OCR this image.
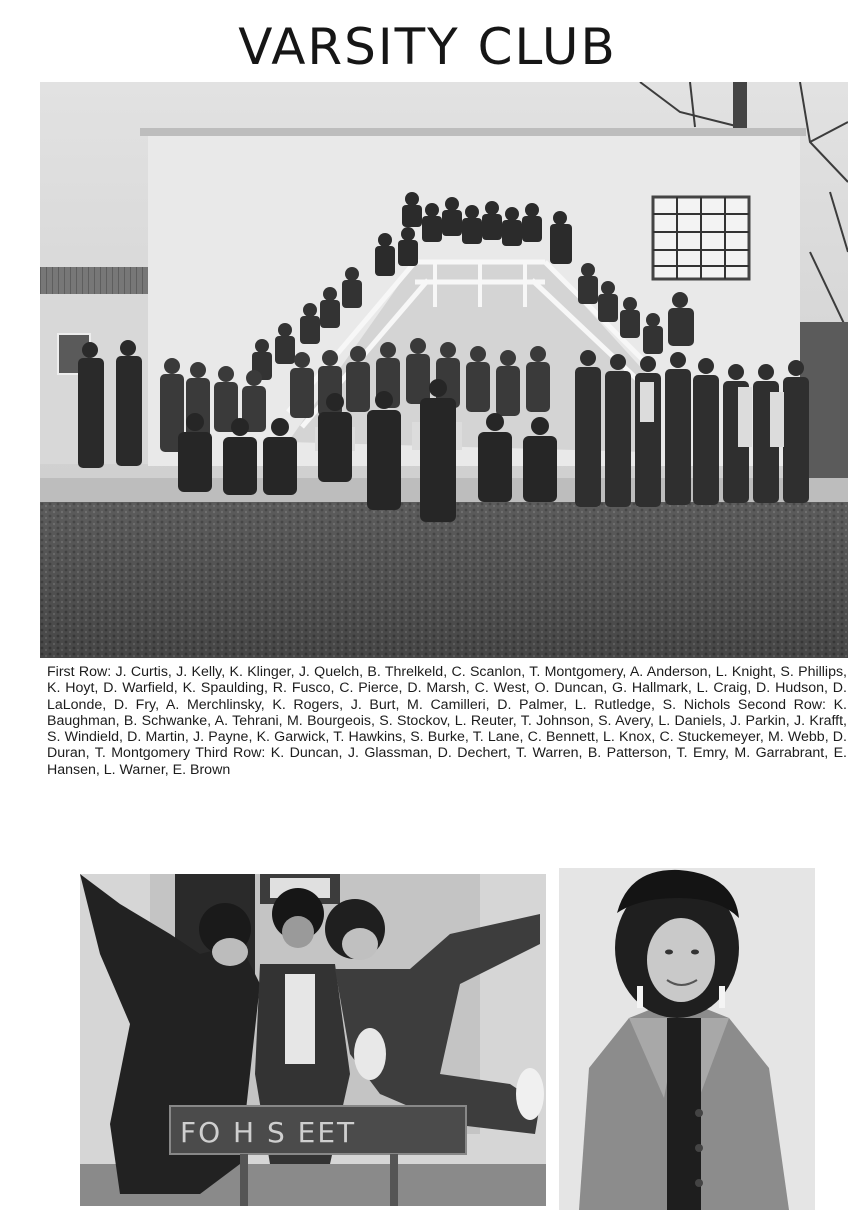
VARSITY CLUB

First Row: J. Curtis, J. Kelly, K. Klinger, J. Quelch, B. Threlkeld, C. Scanlon, T. Montgomery, A. Anderson, L. Knight, S. Phillips, K. Hoyt, D. Warfield, K. Spaulding, R. Fusco, C. Pierce, D. Marsh, C. West, O. Duncan, G. Hallmark, L. Craig, D. Hudson, D. LaLonde, D. Fry, A. Merchlinsky, K. Rogers, J. Burt, M. Camilleri, D. Palmer, L. Rutledge, S. Nichols Second Row: K. Baughman, B. Schwanke, A. Tehrani, M. Bourgeois, S. Stockov, L. Reuter, T. Johnson, S. Avery, L. Daniels, J. Parkin, J. Krafft, S. Windield, D. Martin, J. Payne, K. Garwick, T. Hawkins, S. Burke, T. Lane, C. Bennett, L. Knox, C. Stuckemeyer, M. Webb, D. Duran, T. Montgomery Third Row: K. Duncan, J. Glassman, D. Dechert, T. Warren, B. Patterson, T. Emry, M. Garrabrant, E. Hansen, L. Warner, E. Brown

FO H S EET
